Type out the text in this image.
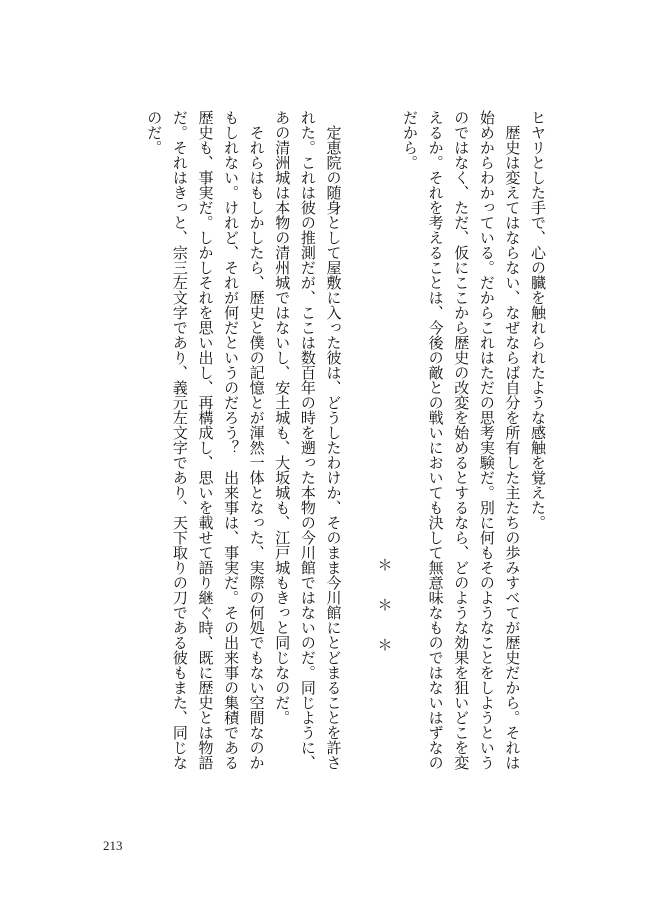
ヒヤリとした手で、心の臓を触れられたような感触を覚えた。

　歴史は変えてはならない、なぜならば自分を所有した主たちの歩みすべてが歴史だから。それは

始めからわかっている。だからこれはただの思考実験だ。別に何もそのようなことをしようという

のではなく、ただ、仮にここから歴史の改変を始めるとするなら、どのような効果を狙いどこを変

えるか。それを考えることは、今後の敵との戦いにおいても決して無意味なものではないはずなの

だから。

＊＊＊

　定恵院の随身として屋敷に入った彼は、どうしたわけか、そのまま今川館にとどまることを許さ

れた。これは彼の推測だが、ここは数百年の時を遡った本物の今川館ではないのだ。同じように、

あの清洲城は本物の清州城ではないし、安土城も、大坂城も、江戸城もきっと同じなのだ。

　それらはもしかしたら、歴史と僕の記憶とが渾然一体となった、実際の何処でもない空間なのか

もしれない。けれど、それが何だというのだろう？　出来事は、事実だ。その出来事の集積である

歴史も、事実だ。しかしそれを思い出し、再構成し、思いを載せて語り継ぐ時、既に歴史とは物語

だ。それはきっと、宗三左文字であり、義元左文字であり、天下取りの刀である彼もまた、同じな

のだ。

213
